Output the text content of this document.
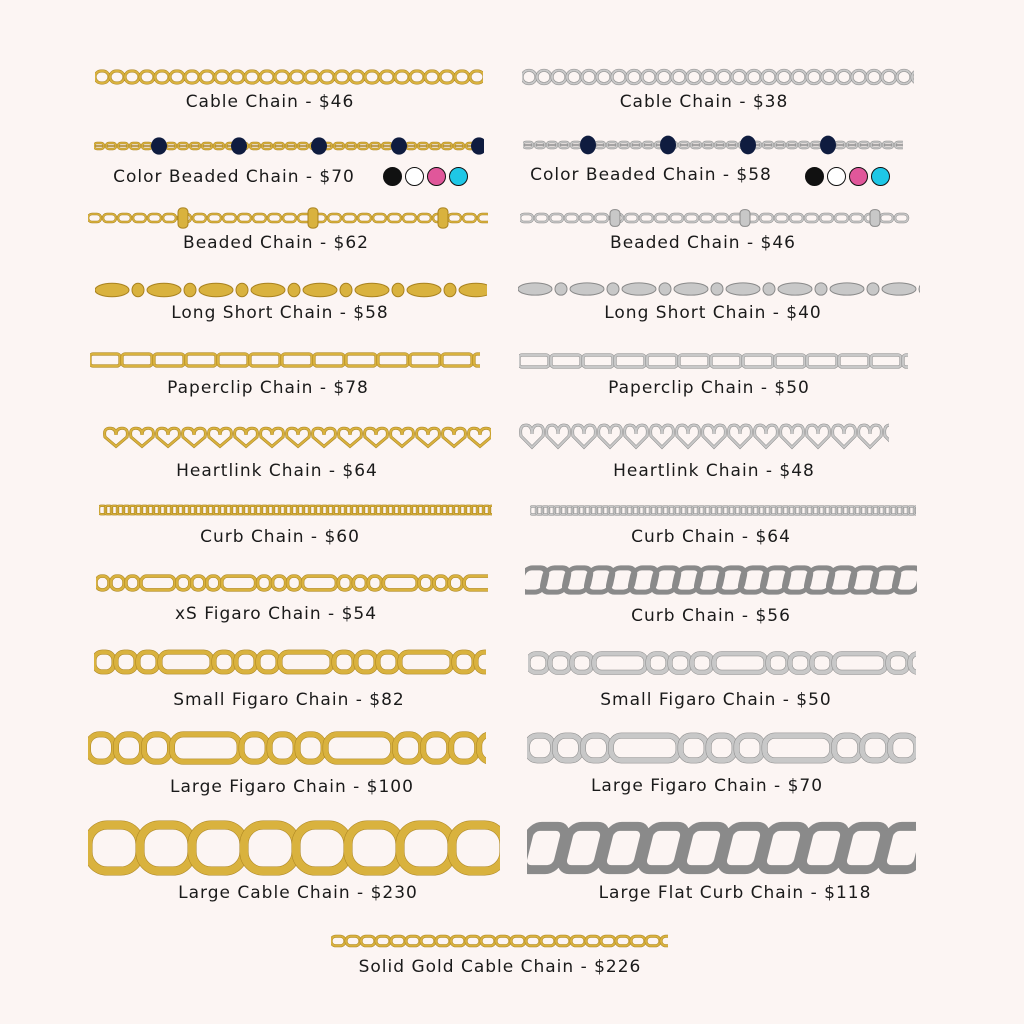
Cable Chain - $46	Cable Chain - $38
Color Beaded Chain - $70	Color Beaded Chain - $58
Beaded Chain - $62	Beaded Chain - $46
Long Short Chain - $58	Long Short Chain - $40
Paperclip Chain - $78	Paperclip Chain - $50
Heartlink Chain - $64	Heartlink Chain - $48
Curb Chain - $60	Curb Chain - $64
xS Figaro Chain - $54	Curb Chain - $56
Small Figaro Chain - $82	Small Figaro Chain - $50
Large Figaro Chain - $100	Large Figaro Chain - $70
Large Cable Chain - $230	Large Flat Curb Chain - $118
Solid Gold Cable Chain - $226
